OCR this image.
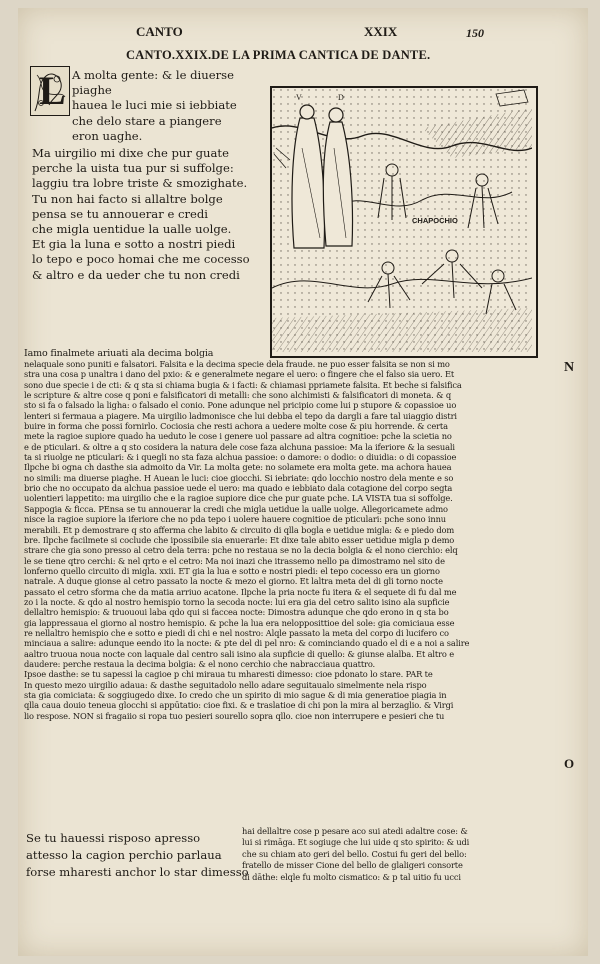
CANTO	XXIX	150
CANTO.XXIX.DE LA PRIMA CANTICA DE DANTE.
L A molta gente: & le diuerse
piaghe
hauea le luci mie si iebbiate
che delo stare a piangere
eron uaghe.
Ma uirgilio mi dixe che pur guate
perche la uista tua pur si suffolge:
laggiu tra lobre triste & smozighate.
Tu non hai facto si allaltre bolge
pensa se tu annouerar e credi
che migla uentidue la ualle uolge.
Et gia la luna e sotto a nostri piedi
lo tepo e poco homai che me cocesso
& altro e da ueder che tu non credi
V	D
CHAPOCHIO
N
O
Iamo finalmete ariuati ala decima bolgia
nelaquale sono puniti e falsatori. Falsita e la decima specie dela fraude. ne puo esser falsita se non si mo
stra una cosa p unaltra i dano del pxio: & e generalmete negare el uero: o fingere che el falso sia uero. Et
sono due specie i de cti: & q sta si chiama bugia & i facti: & chiamasi ppriamete falsita. Et beche si falsifica
le scripture & altre cose q poni e falsificatori di metalli: che sono alchimisti & falsificatori di moneta. & q
sto si fa o falsado la ligha: o falsado el conio. Pone adunque nel pricipio come lui p stupore & copassioe uo
lenteri si fermaua a piagere. Ma uirgilio ladmonisce che lui debba el tepo da dargli a fare tal uiaggio distri
buire in forma che possi fornirlo. Cociosia che resti achora a uedere molte cose & piu horrende. & certa
mete la ragioe supiore quado ha ueduto le cose i genere uol passare ad altra cognitioe: pche la scietia no
e de pticulari. & oltre a q sto cosidera la natura dele cose faza alchuna passioe: Ma la iferiore & la sesuali
ta si riuolge ne pticulari: & i quegli no sta faza alchua passioe: o damore: o dodio: o diuidia: o di copassioe
Ilpche bi ogna ch dasthe sia admoito da Vir. La molta gete: no solamete era molta gete. ma achora hauea
no simili: ma diuerse piaghe. H Auean le luci: cioe giocchi. Si iebriate: qdo locchio nostro dela mente e so
brio che no occupato da alchua passioe uede el uero: ma quado e iebbiato dala cotagione del corpo segta
uolentieri lappetito: ma uirgilio che e la ragioe supiore dice che pur guate pche. LA VISTA tua si soffolge.
Sappogia & ficca. PEnsa se tu annouerar la credi che migla uetidue la ualle uolge. Allegoricamete admo
nisce la ragioe supiore la iferiore che no pda tepo i uolere hauere cognitioe de pticulari: pche sono innu
merabili. Et p demostrare q sto afferma che labito & circuito di qlla bogla e uetidue migla: & e piedo dom
bre. Ilpche facilmete si coclude che ipossibile sia enuerarle: Et dixe tale abito esser uetidue migla p demo
strare che gia sono presso al cetro dela terra: pche no restaua se no la decia bolgia & el nono cierchio: elq
le se tiene qtro cerchi: & nel qrto e el cetro: Ma noi inazi che itrassemo nello pa dimostramo nel sito de
lonferno quello circuito di migla. xxii. ET gia la lua e sotto e nostri piedi: el tepo cocesso era un giorno
natrale. A duque gionse al cetro passato la nocte & mezo el giorno. Et laltra meta del di gli torno nocte
passato el cetro sforma che da matia arriuo acatone. Ilpche la pria nocte fu itera & el sequete di fu dal me
zo i la nocte. & qdo al nostro hemispio torno la secoda nocte: lui era gia del cetro salito isino ala supficie
dellaltro hemispio: & truououi laba qdo qui si faccea nocte: Dimostra adunque che qdo erono in q sta bo
gia lappressaua el giorno al nostro hemispio. & pche la lua era nelopposittioe del sole: gia comiciaua esse
re nellaltro hemispio che e sotto e piedi di chi e nel nostro: Alqle passato la meta del corpo di lucifero co
minciaua a salire: adunque eendo ito la nocte: & pte del di pel nro: & cominciando quado el di e a noi a salire
aaltro truoua noua nocte con laquale dal centro sali isino ala supficie di quello: & giunse alalba. Et altro e
daudere: perche restaua la decima bolgia: & el nono cerchio che nabracciaua quattro.
Ipsoe dasthe: se tu sapessi la cagioe p chi miraua tu mharesti dimesso: cioe pdonato lo stare. PAR te
In questo mezo uirgilio adaua: & dasthe seguitadolo nello adare seguitaualo simelmente nela rispo
sta gia comiciata: & soggiugedo dixe. Io credo che un spirito di mio sague & di mia generatioe piagia in
qlla caua douio teneua glocchi si appūtatio: cioe fixi. & e traslatioe di chi pon la mira al berzaglio. & Virgi
lio respose. NON si fragaiio si ropa tuo pesieri sourello sopra qllo. cioe non interrupere e pesieri che tu
Se tu hauessi risposo apresso
attesso la cagion perchio parlaua
forse mharesti anchor lo star dimesso
hai dellaltre cose p pesare aco sui atedi adaltre cose: &
lui si rimāga. Et sogiuge che lui uide q sto spirito: & udi
che su chiam ato geri del bello. Costui fu geri del bello:
fratello de misser Cione del bello de glaligeri consorte
di dāthe: elqle fu molto cismatico: & p tal uitio fu ucci
